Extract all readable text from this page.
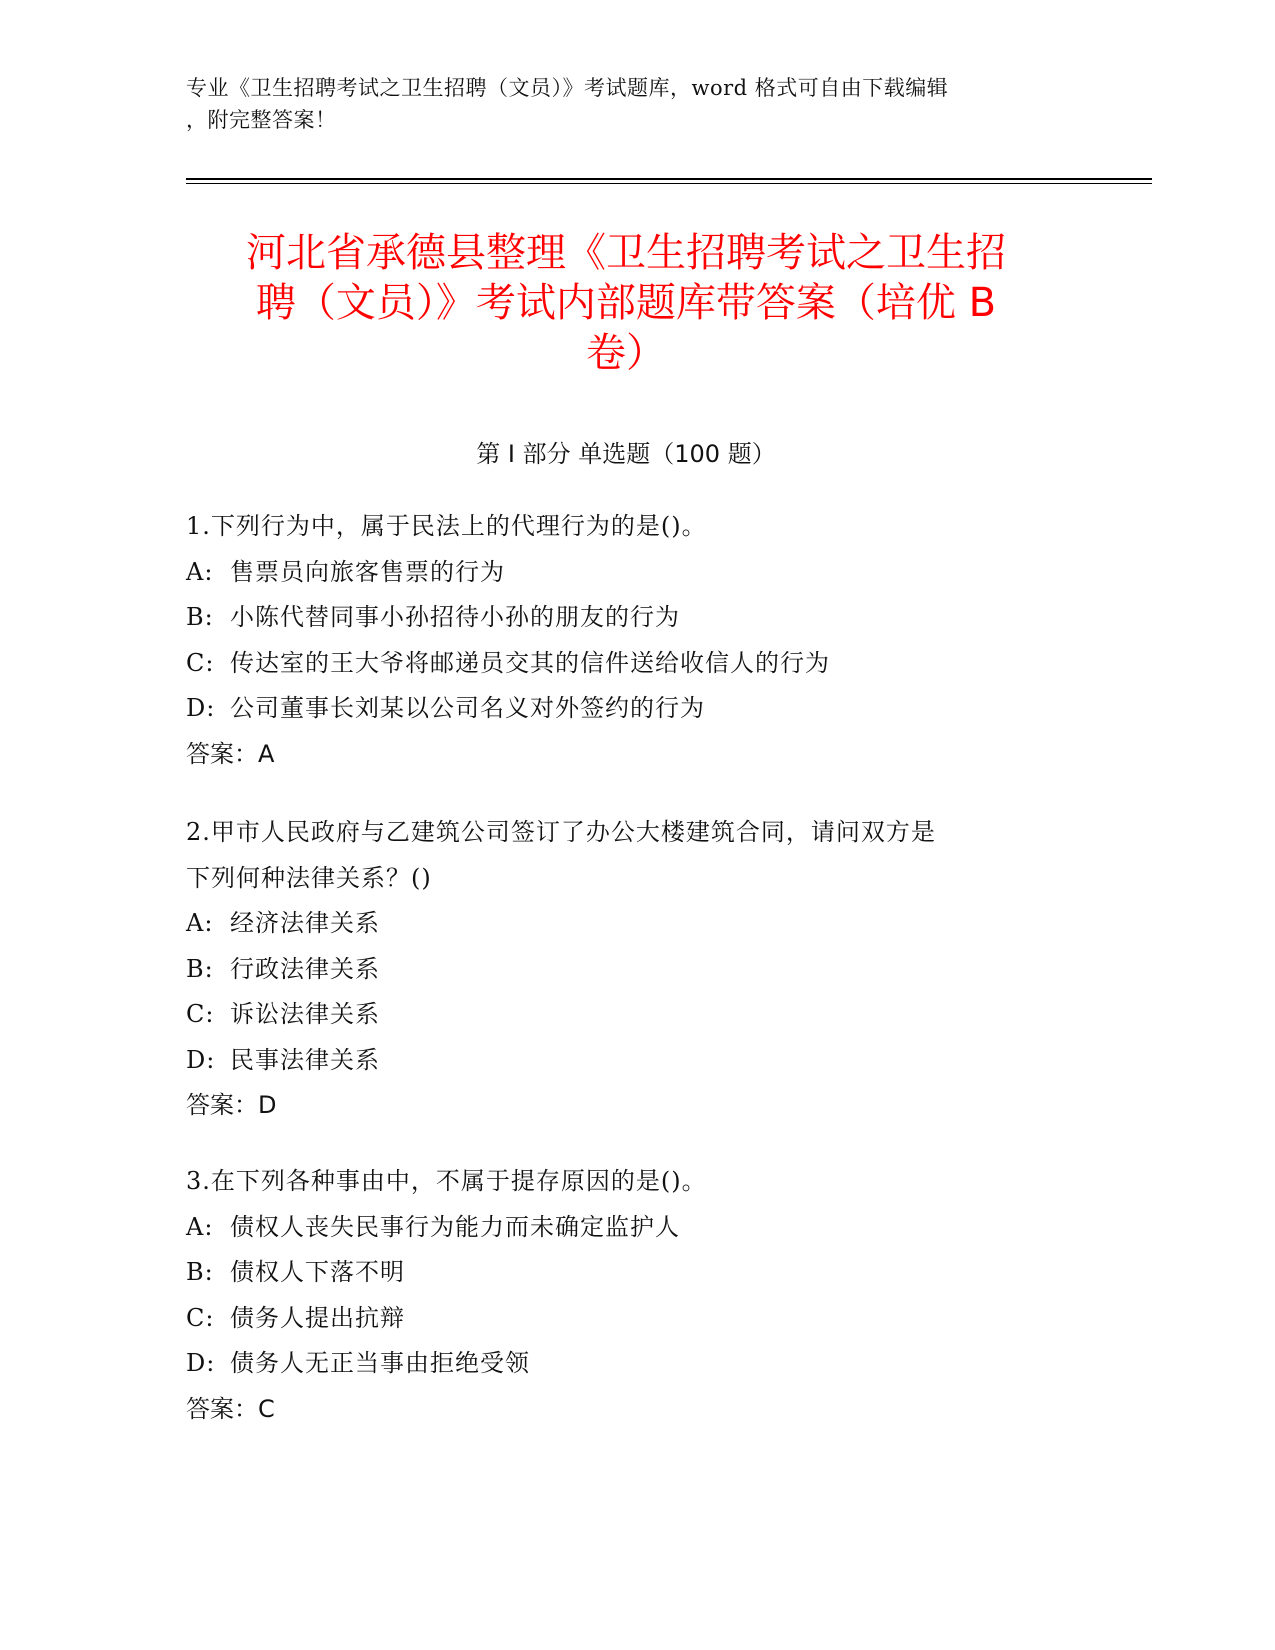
专业《卫生招聘考试之卫生招聘（文员）》考试题库，word 格式可自由下载编辑
，附完整答案！
河北省承德县整理《卫生招聘考试之卫生招
聘（文员）》考试内部题库带答案（培优 B
卷）
第 I 部分 单选题（100 题）
1.下列行为中，属于民法上的代理行为的是()。
A: 售票员向旅客售票的行为
B: 小陈代替同事小孙招待小孙的朋友的行为
C: 传达室的王大爷将邮递员交其的信件送给收信人的行为
D: 公司董事长刘某以公司名义对外签约的行为
答案：A
2.甲市人民政府与乙建筑公司签订了办公大楼建筑合同，请问双方是
下列何种法律关系？()
A: 经济法律关系
B: 行政法律关系
C: 诉讼法律关系
D: 民事法律关系
答案：D
3.在下列各种事由中，不属于提存原因的是()。
A: 债权人丧失民事行为能力而未确定监护人
B: 债权人下落不明
C: 债务人提出抗辩
D: 债务人无正当事由拒绝受领
答案：C
